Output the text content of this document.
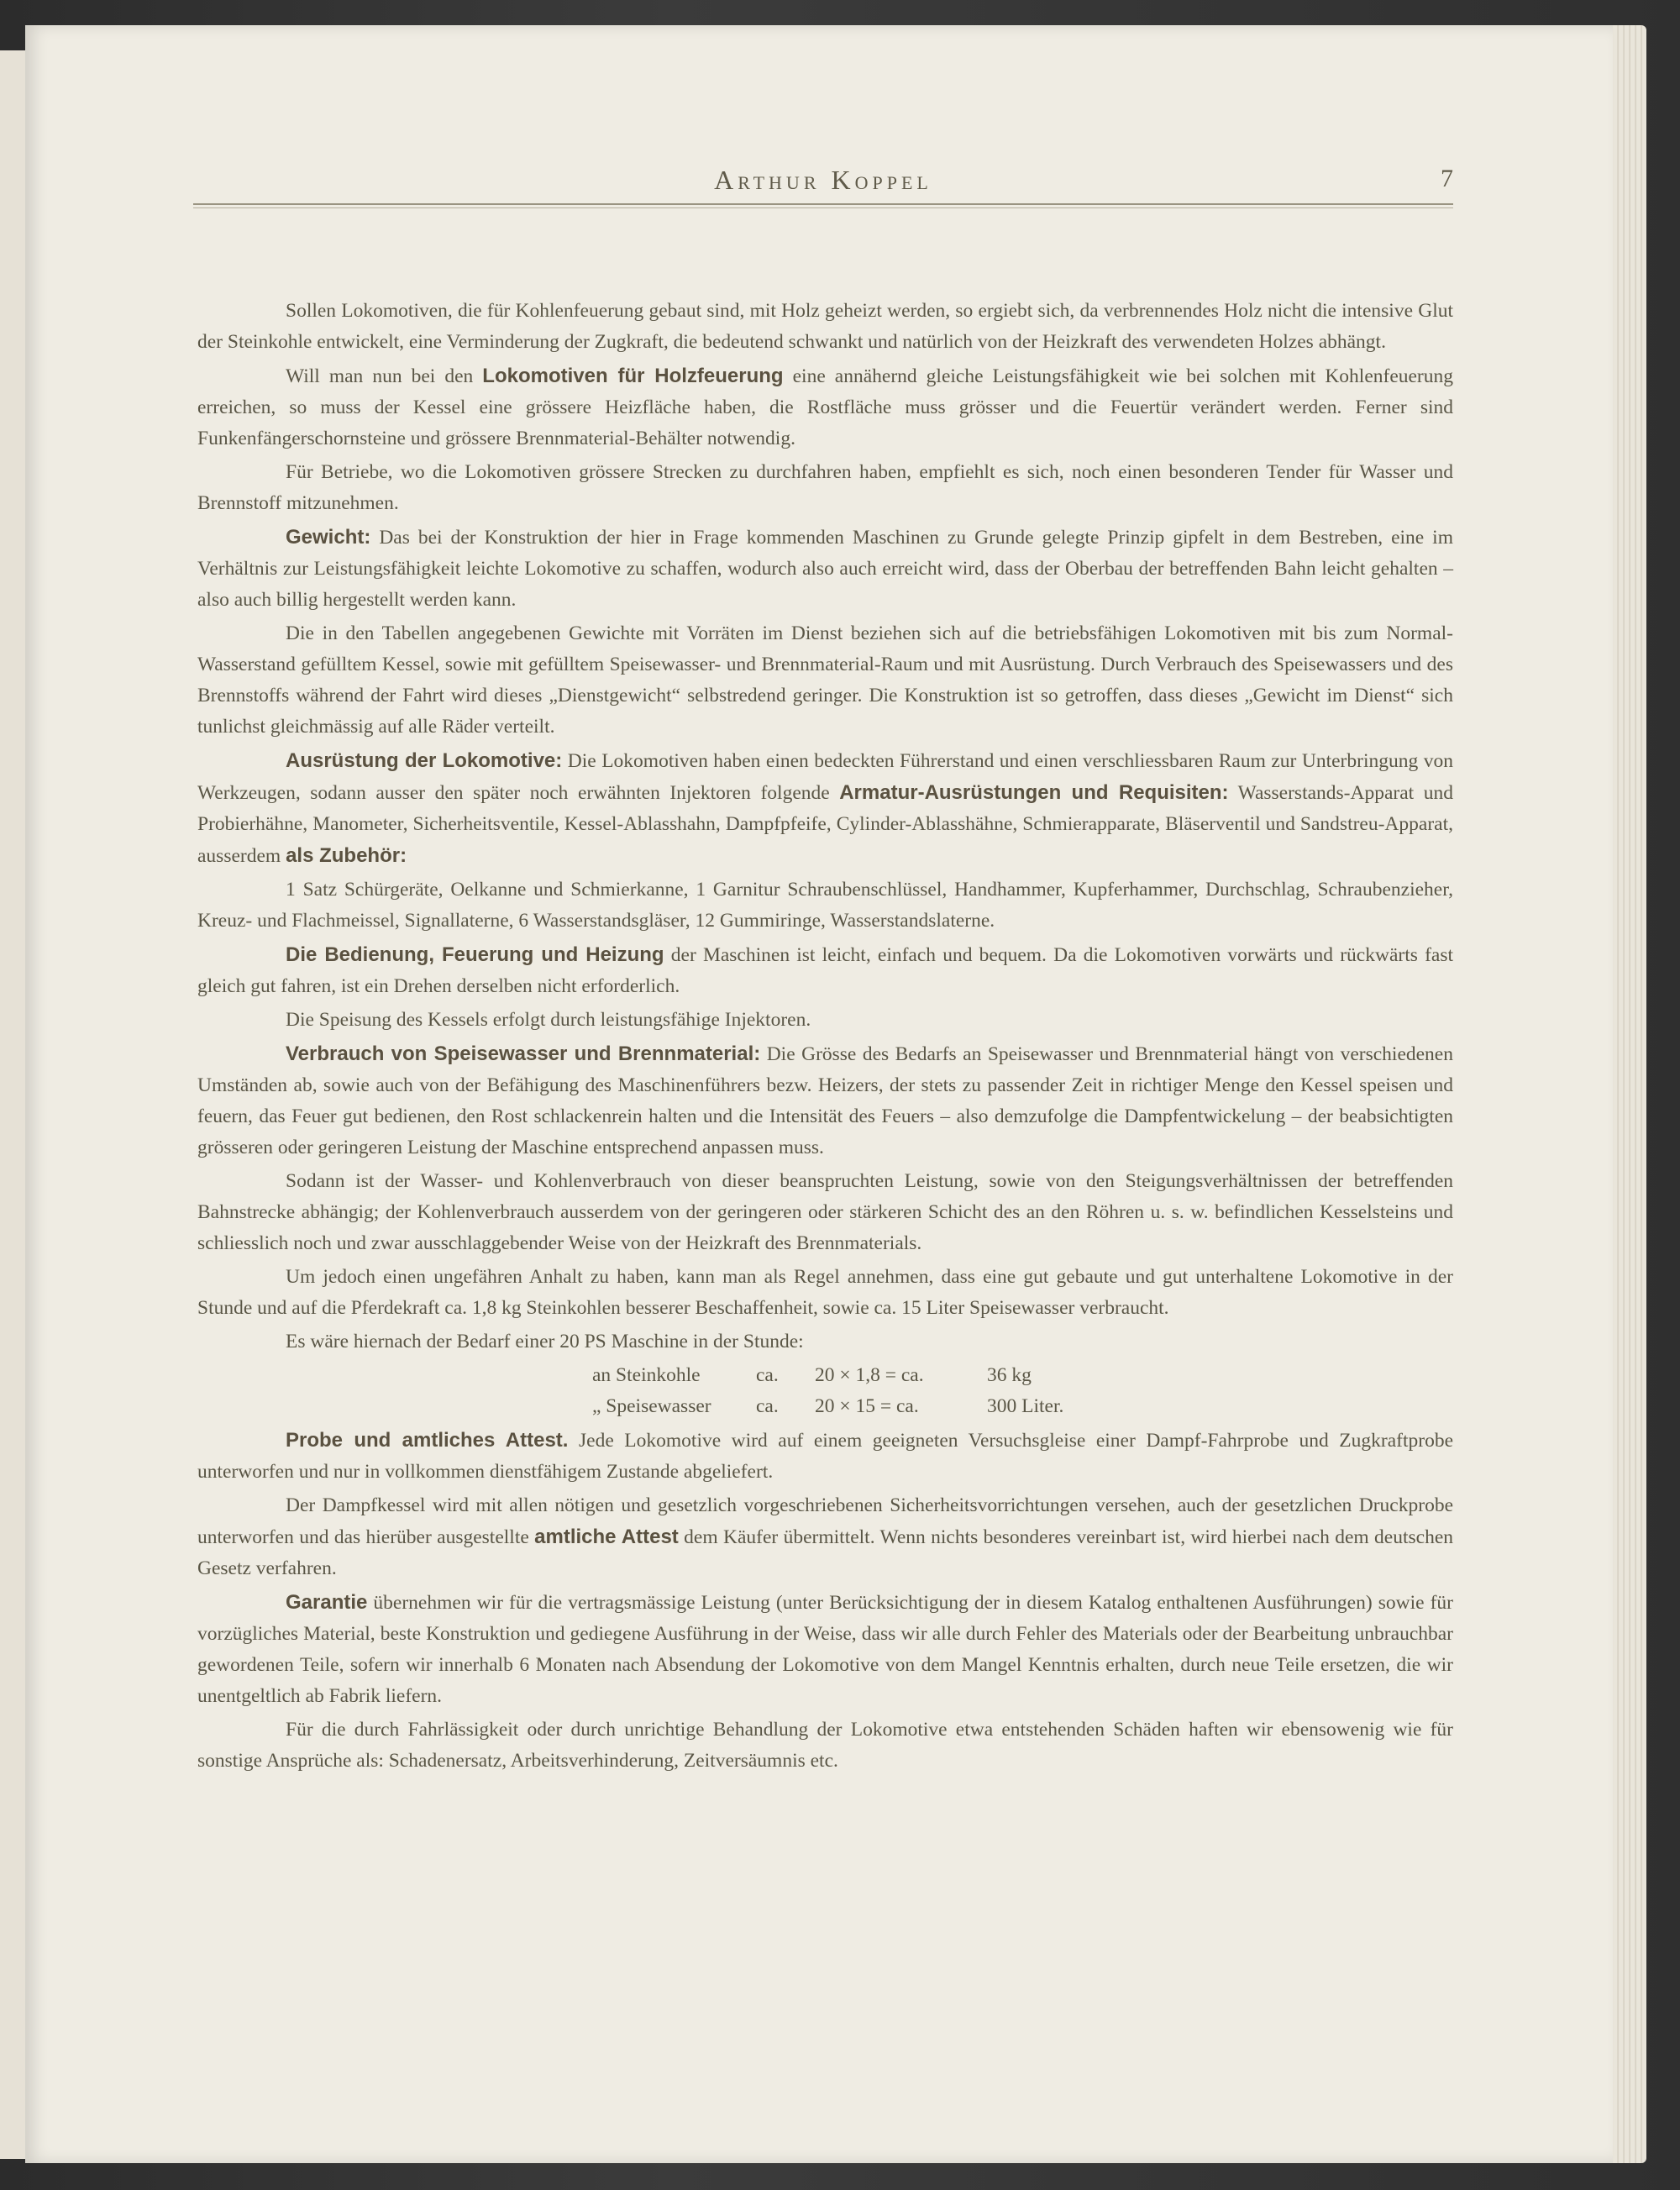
Arthur Koppel	7

Sollen Lokomotiven, die für Kohlenfeuerung gebaut sind, mit Holz geheizt werden, so ergiebt sich, da verbrennendes Holz nicht die intensive Glut der Steinkohle entwickelt, eine Verminderung der Zugkraft, die bedeutend schwankt und natürlich von der Heizkraft des verwendeten Holzes abhängt.

Will man nun bei den Lokomotiven für Holzfeuerung eine annähernd gleiche Leistungsfähigkeit wie bei solchen mit Kohlenfeuerung erreichen, so muss der Kessel eine grössere Heizfläche haben, die Rostfläche muss grösser und die Feuertür verändert werden. Ferner sind Funkenfängerschornsteine und grössere Brennmaterial-Behälter notwendig.

Für Betriebe, wo die Lokomotiven grössere Strecken zu durchfahren haben, empfiehlt es sich, noch einen besonderen Tender für Wasser und Brennstoff mitzunehmen.

Gewicht: Das bei der Konstruktion der hier in Frage kommenden Maschinen zu Grunde gelegte Prinzip gipfelt in dem Bestreben, eine im Verhältnis zur Leistungsfähigkeit leichte Lokomotive zu schaffen, wodurch also auch erreicht wird, dass der Oberbau der betreffenden Bahn leicht gehalten – also auch billig hergestellt werden kann.

Die in den Tabellen angegebenen Gewichte mit Vorräten im Dienst beziehen sich auf die betriebsfähigen Lokomotiven mit bis zum Normal-Wasserstand gefülltem Kessel, sowie mit gefülltem Speisewasser- und Brennmaterial-Raum und mit Ausrüstung. Durch Verbrauch des Speisewassers und des Brennstoffs während der Fahrt wird dieses „Dienstgewicht“ selbstredend geringer. Die Konstruktion ist so getroffen, dass dieses „Gewicht im Dienst“ sich tunlichst gleichmässig auf alle Räder verteilt.

Ausrüstung der Lokomotive: Die Lokomotiven haben einen bedeckten Führerstand und einen verschliessbaren Raum zur Unterbringung von Werkzeugen, sodann ausser den später noch erwähnten Injektoren folgende Armatur-Ausrüstungen und Requisiten: Wasserstands-Apparat und Probierhähne, Manometer, Sicherheitsventile, Kessel-Ablasshahn, Dampfpfeife, Cylinder-Ablasshähne, Schmierapparate, Bläserventil und Sandstreu-Apparat, ausserdem als Zubehör:

1 Satz Schürgeräte, Oelkanne und Schmierkanne, 1 Garnitur Schraubenschlüssel, Handhammer, Kupferhammer, Durchschlag, Schraubenzieher, Kreuz- und Flachmeissel, Signallaterne, 6 Wasserstandsgläser, 12 Gummiringe, Wasserstandslaterne.

Die Bedienung, Feuerung und Heizung der Maschinen ist leicht, einfach und bequem. Da die Lokomotiven vorwärts und rückwärts fast gleich gut fahren, ist ein Drehen derselben nicht erforderlich.

Die Speisung des Kessels erfolgt durch leistungsfähige Injektoren.

Verbrauch von Speisewasser und Brennmaterial: Die Grösse des Bedarfs an Speisewasser und Brennmaterial hängt von verschiedenen Umständen ab, sowie auch von der Befähigung des Maschinenführers bezw. Heizers, der stets zu passender Zeit in richtiger Menge den Kessel speisen und feuern, das Feuer gut bedienen, den Rost schlackenrein halten und die Intensität des Feuers – also demzufolge die Dampfentwickelung – der beabsichtigten grösseren oder geringeren Leistung der Maschine entsprechend anpassen muss.

Sodann ist der Wasser- und Kohlenverbrauch von dieser beanspruchten Leistung, sowie von den Steigungsverhältnissen der betreffenden Bahnstrecke abhängig; der Kohlenverbrauch ausserdem von der geringeren oder stärkeren Schicht des an den Röhren u. s. w. befindlichen Kesselsteins und schliesslich noch und zwar ausschlaggebender Weise von der Heizkraft des Brennmaterials.

Um jedoch einen ungefähren Anhalt zu haben, kann man als Regel annehmen, dass eine gut gebaute und gut unterhaltene Lokomotive in der Stunde und auf die Pferdekraft ca. 1,8 kg Steinkohlen besserer Beschaffenheit, sowie ca. 15 Liter Speisewasser verbraucht.

Es wäre hiernach der Bedarf einer 20 PS Maschine in der Stunde:

an Steinkohle	ca.	20 × 1,8 = ca.	36 kg
„ Speisewasser	ca.	20 × 15 = ca.	300 Liter.

Probe und amtliches Attest. Jede Lokomotive wird auf einem geeigneten Versuchsgleise einer Dampf-Fahrprobe und Zugkraftprobe unterworfen und nur in vollkommen dienstfähigem Zustande abgeliefert.

Der Dampfkessel wird mit allen nötigen und gesetzlich vorgeschriebenen Sicherheitsvorrichtungen versehen, auch der gesetzlichen Druckprobe unterworfen und das hierüber ausgestellte amtliche Attest dem Käufer übermittelt. Wenn nichts besonderes vereinbart ist, wird hierbei nach dem deutschen Gesetz verfahren.

Garantie übernehmen wir für die vertragsmässige Leistung (unter Berücksichtigung der in diesem Katalog enthaltenen Ausführungen) sowie für vorzügliches Material, beste Konstruktion und gediegene Ausführung in der Weise, dass wir alle durch Fehler des Materials oder der Bearbeitung unbrauchbar gewordenen Teile, sofern wir innerhalb 6 Monaten nach Absendung der Lokomotive von dem Mangel Kenntnis erhalten, durch neue Teile ersetzen, die wir unentgeltlich ab Fabrik liefern.

Für die durch Fahrlässigkeit oder durch unrichtige Behandlung der Lokomotive etwa entstehenden Schäden haften wir ebensowenig wie für sonstige Ansprüche als: Schadenersatz, Arbeitsverhinderung, Zeitversäumnis etc.
